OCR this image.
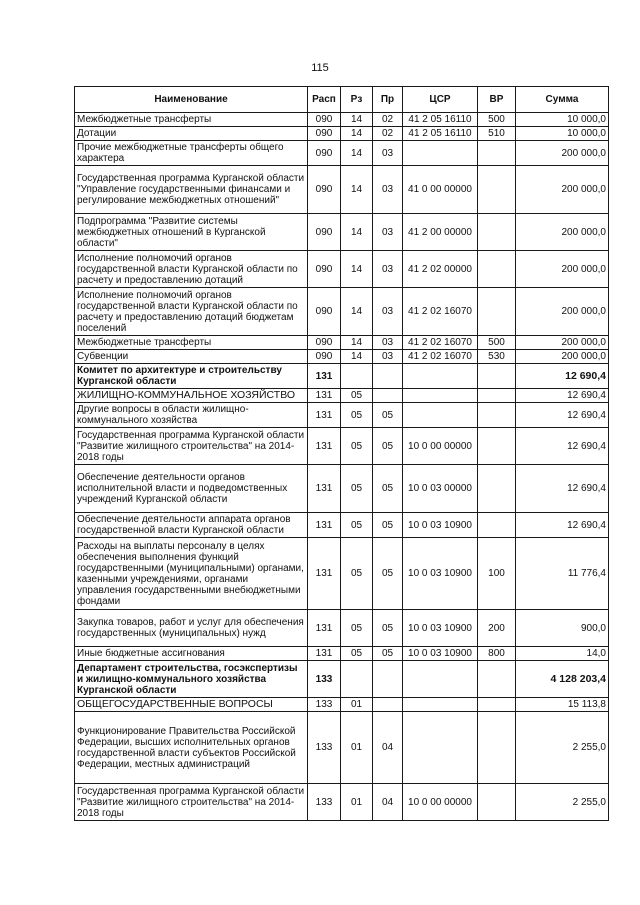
115
Наименование	Расп	Рз	Пр	ЦСР	ВР	Сумма
Межбюджетные трансферты	090	14	02	41 2 05 16110	500	10 000,0
Дотации	090	14	02	41 2 05 16110	510	10 000,0
Прочие межбюджетные трансферты общего характера	090	14	03			200 000,0
Государственная программа Курганской области "Управление государственными финансами и регулирование межбюджетных отношений"	090	14	03	41 0 00 00000		200 000,0
Подпрограмма "Развитие системы межбюджетных отношений в Курганской области"	090	14	03	41 2 00 00000		200 000,0
Исполнение полномочий органов государственной власти Курганской области по расчету и предоставлению дотаций	090	14	03	41 2 02 00000		200 000,0
Исполнение полномочий органов государственной власти Курганской области по расчету и предоставлению дотаций бюджетам поселений	090	14	03	41 2 02 16070		200 000,0
Межбюджетные трансферты	090	14	03	41 2 02 16070	500	200 000,0
Субвенции	090	14	03	41 2 02 16070	530	200 000,0
Комитет по архитектуре и строительству Курганской области	131					12 690,4
ЖИЛИЩНО-КОММУНАЛЬНОЕ ХОЗЯЙСТВО	131	05				12 690,4
Другие вопросы в области жилищно-коммунального хозяйства	131	05	05			12 690,4
Государственная программа Курганской области "Развитие жилищного строительства" на 2014-2018 годы	131	05	05	10 0 00 00000		12 690,4
Обеспечение деятельности органов исполнительной власти и подведомственных учреждений Курганской области	131	05	05	10 0 03 00000		12 690,4
Обеспечение деятельности аппарата органов государственной власти Курганской области	131	05	05	10 0 03 10900		12 690,4
Расходы на выплаты персоналу в целях обеспечения выполнения функций государственными (муниципальными) органами, казенными учреждениями, органами управления государственными внебюджетными фондами	131	05	05	10 0 03 10900	100	11 776,4
Закупка товаров, работ и услуг для обеспечения государственных (муниципальных) нужд	131	05	05	10 0 03 10900	200	900,0
Иные бюджетные ассигнования	131	05	05	10 0 03 10900	800	14,0
Департамент строительства, госэкспертизы и жилищно-коммунального хозяйства Курганской области	133					4 128 203,4
ОБЩЕГОСУДАРСТВЕННЫЕ ВОПРОСЫ	133	01				15 113,8
Функционирование Правительства Российской Федерации, высших исполнительных органов государственной власти субъектов Российской Федерации, местных администраций	133	01	04			2 255,0
Государственная программа Курганской области "Развитие жилищного строительства" на 2014-2018 годы	133	01	04	10 0 00 00000		2 255,0
